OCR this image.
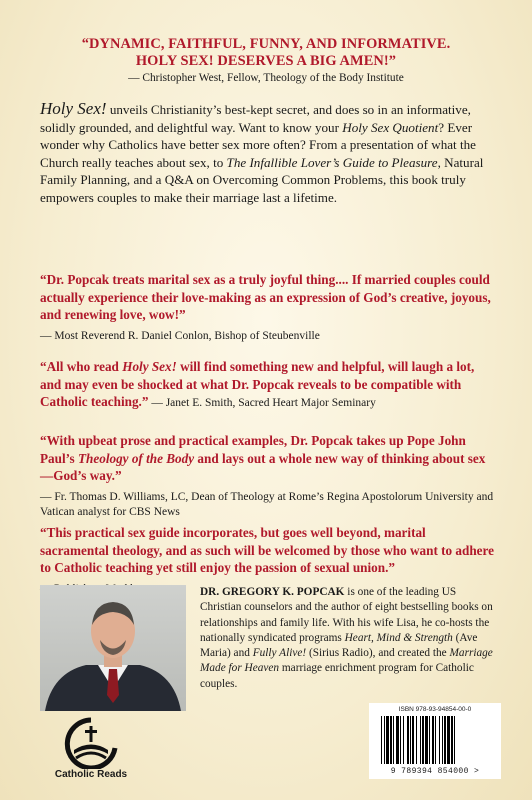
“DYNAMIC, FAITHFUL, FUNNY, AND INFORMATIVE.
HOLY SEX! DESERVES A BIG AMEN!”
— Christopher West, Fellow, Theology of the Body Institute
Holy Sex! unveils Christianity’s best-kept secret, and does so in an informative, solidly grounded, and delightful way. Want to know your Holy Sex Quotient? Ever wonder why Catholics have better sex more often? From a presentation of what the Church really teaches about sex, to The Infallible Lover’s Guide to Pleasure, Natural Family Planning, and a Q&A on Overcoming Common Problems, this book truly empowers couples to make their marriage last a lifetime.
“Dr. Popcak treats marital sex as a truly joyful thing.... If married couples could actually experience their love-making as an expression of God’s creative, joyous, and renewing love, wow!”
— Most Reverend R. Daniel Conlon, Bishop of Steubenville
“All who read Holy Sex! will find something new and helpful, will laugh a lot, and may even be shocked at what Dr. Popcak reveals to be compatible with Catholic teaching.” — Janet E. Smith, Sacred Heart Major Seminary
“With upbeat prose and practical examples, Dr. Popcak takes up Pope John Paul’s Theology of the Body and lays out a whole new way of thinking about sex—God’s way.”
— Fr. Thomas D. Williams, LC, Dean of Theology at Rome’s Regina Apostolorum University and Vatican analyst for CBS News
“This practical sex guide incorporates, but goes well beyond, marital sacramental theology, and as such will be welcomed by those who want to adhere to Catholic teaching yet still enjoy the passion of sexual union.”
DR. GREGORY K. POPCAK is one of the leading US Christian counselors and the author of eight bestselling books on relationships and family life. With his wife Lisa, he co-hosts the nationally syndicated programs Heart, Mind & Strength (Ave Maria) and Fully Alive! (Sirius Radio), and created the Marriage Made for Heaven marriage enrichment program for Catholic couples.
Catholic Reads
ISBN 978-93-94854-00-0
9 789394 854000 >
